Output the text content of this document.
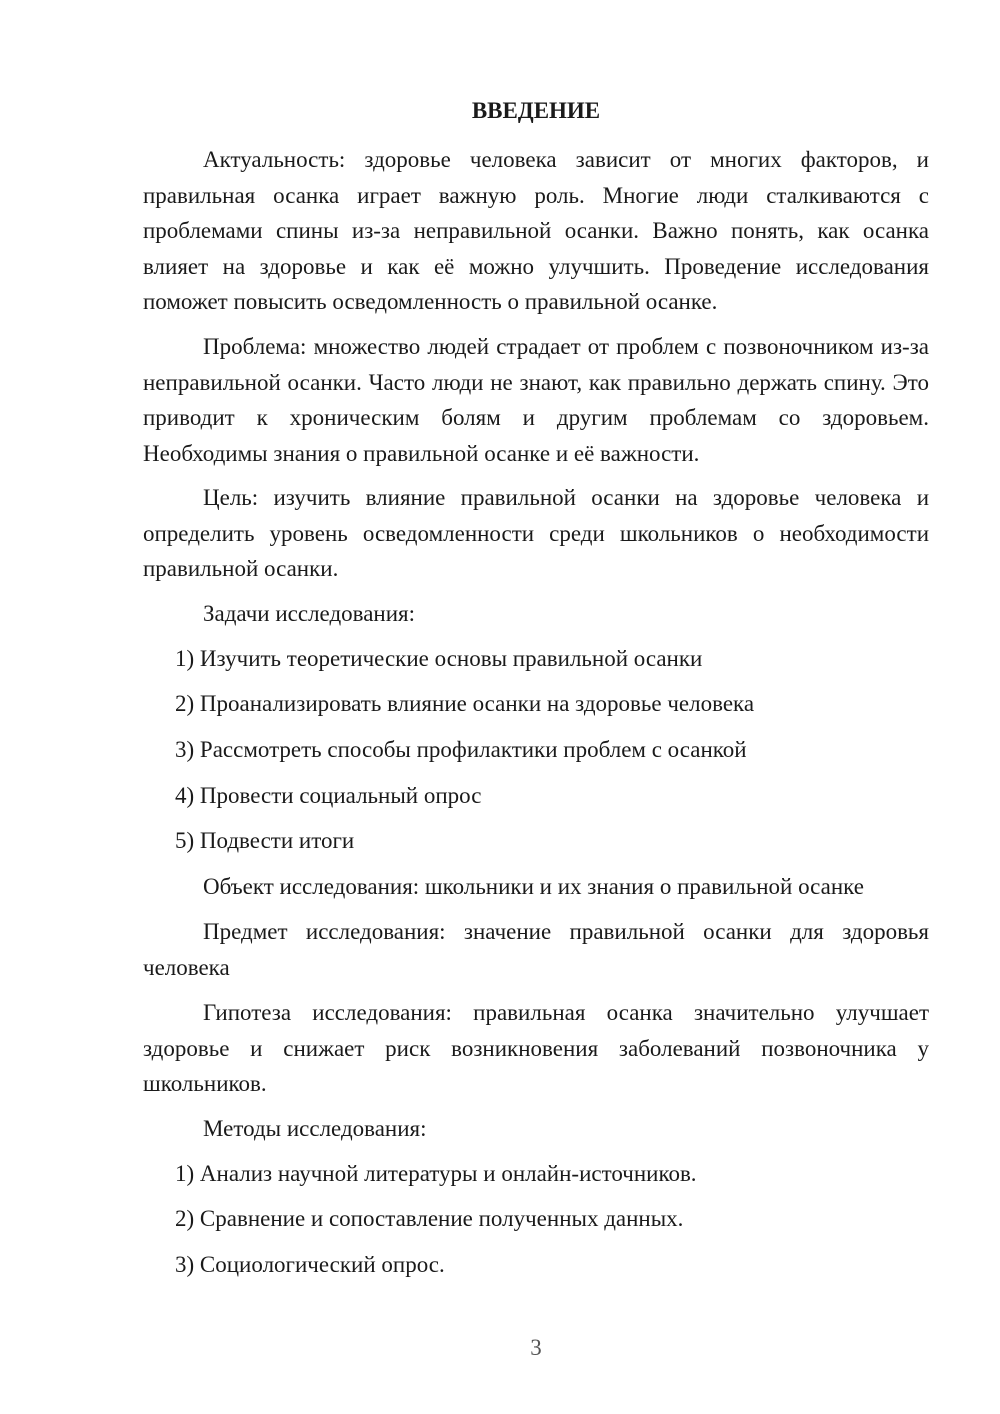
ВВЕДЕНИЕ

Актуальность: здоровье человека зависит от многих факторов, и правильная осанка играет важную роль. Многие люди сталкиваются с проблемами спины из-за неправильной осанки. Важно понять, как осанка влияет на здоровье и как её можно улучшить. Проведение исследования поможет повысить осведомленность о правильной осанке.

Проблема: множество людей страдает от проблем с позвоночником из-за неправильной осанки. Часто люди не знают, как правильно держать спину. Это приводит к хроническим болям и другим проблемам со здоровьем. Необходимы знания о правильной осанке и её важности.

Цель: изучить влияние правильной осанки на здоровье человека и определить уровень осведомленности среди школьников о необходимости правильной осанки.

Задачи исследования:
1) Изучить теоретические основы правильной осанки
2) Проанализировать влияние осанки на здоровье человека
3) Рассмотреть способы профилактики проблем с осанкой
4) Провести социальный опрос
5) Подвести итоги
Объект исследования: школьники и их знания о правильной осанке

Предмет исследования: значение правильной осанки для здоровья человека

Гипотеза исследования: правильная осанка значительно улучшает здоровье и снижает риск возникновения заболеваний позвоночника у школьников.

Методы исследования:
1) Анализ научной литературы и онлайн-источников.
2) Сравнение и сопоставление полученных данных.
3) Социологический опрос.
3
